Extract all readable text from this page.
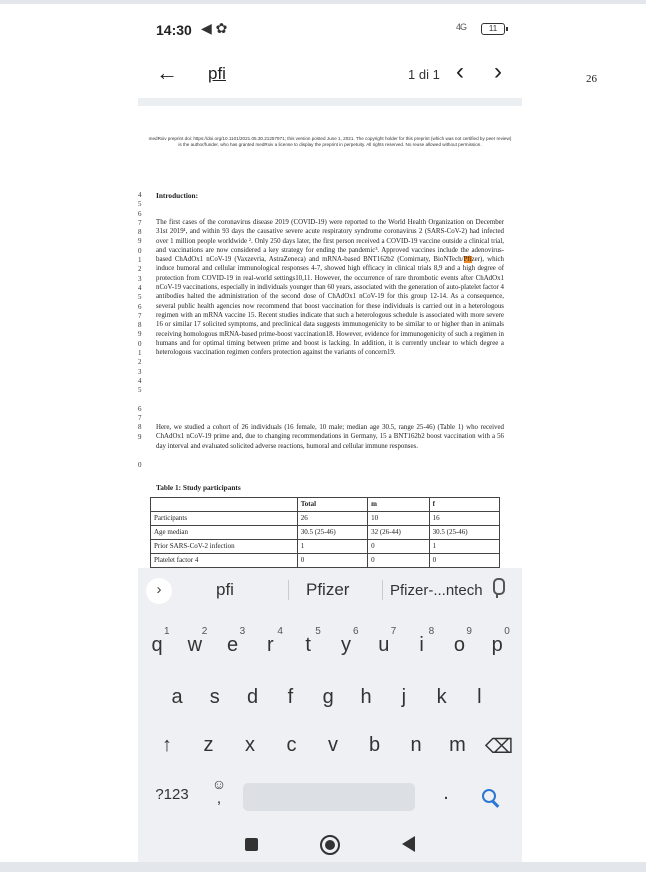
26
14:30 ◀ ✿	4G	11
← pfi	1 di 1 ‹ ›
medRxiv preprint doi: https://doi.org/10.1101/2021.05.30.21257971; this version posted June 1, 2021. The copyright holder for this preprint (which was not certified by peer review) is the author/funder, who has granted medRxiv a license to display the preprint in perpetuity. All rights reserved. No reuse allowed without permission.
4
5
6
7
8
9
0
1
2
3
4
5
6
7
8
9
0
1
2
3
4
5
6
7
8
9
0
Introduction:
The first cases of the coronavirus disease 2019 (COVID-19) were reported to the World Health Organization on December 31st 2019¹, and within 93 days the causative severe acute respiratory syndrome coronavirus 2 (SARS-CoV-2) had infected over 1 million people worldwide ². Only 250 days later, the first person received a COVID-19 vaccine outside a clinical trial, and vaccinations are now considered a key strategy for ending the pandemic³. Approved vaccines include the adenovirus-based ChAdOx1 nCoV-19 (Vaxzevria, AstraZeneca) and mRNA-based BNT162b2 (Comirnaty, BioNTech/Pfizer), which induce humoral and cellular immunological responses 4-7, showed high efficacy in clinical trials 8,9 and a high degree of protection from COVID-19 in real-world settings10,11. However, the occurrence of rare thrombotic events after ChAdOx1 nCoV-19 vaccinations, especially in individuals younger than 60 years, associated with the generation of auto-platelet factor 4 antibodies halted the administration of the second dose of ChAdOx1 nCoV-19 for this group 12-14. As a consequence, several public health agencies now recommend that boost vaccination for these individuals is carried out in a heterologous regimen with an mRNA vaccine 15. Recent studies indicate that such a heterologous schedule is associated with more severe 16 or similar 17 solicited symptoms, and preclinical data suggests immunogenicity to be similar to or higher than in animals receiving homologous mRNA-based prime-boost vaccination18. However, evidence for immunogenicity of such a regimen in humans and for optimal timing between prime and boost is lacking. In addition, it is currently unclear to which degree a heterologous vaccination regimen confers protection against the variants of concern19.
Here, we studied a cohort of 26 individuals (16 female, 10 male; median age 30.5, range 25-46) (Table 1) who received ChAdOx1 nCoV-19 prime and, due to changing recommendations in Germany, 15 a BNT162b2 boost vaccination with a 56 day interval and evaluated solicited adverse reactions, humoral and cellular immune responses.
Table 1: Study participants
	Total	m	f
Participants	26	10	16
Age median	30.5 (25-46)	32 (26-44)	30.5 (25-46)
Prior SARS-CoV-2 infection	1	0	1
Platelet factor 4	0	0	0
›	pfi	Pfizer	Pfizer-...ntech
q
1
w
2
e
3
r
4
t
5
y
6
u
7
i
8
o
9
p
0
a	s	d	f	g	h	j	k	l
↑	z	x	c	v	b	n	m ⌫
?123
☺
,	.
